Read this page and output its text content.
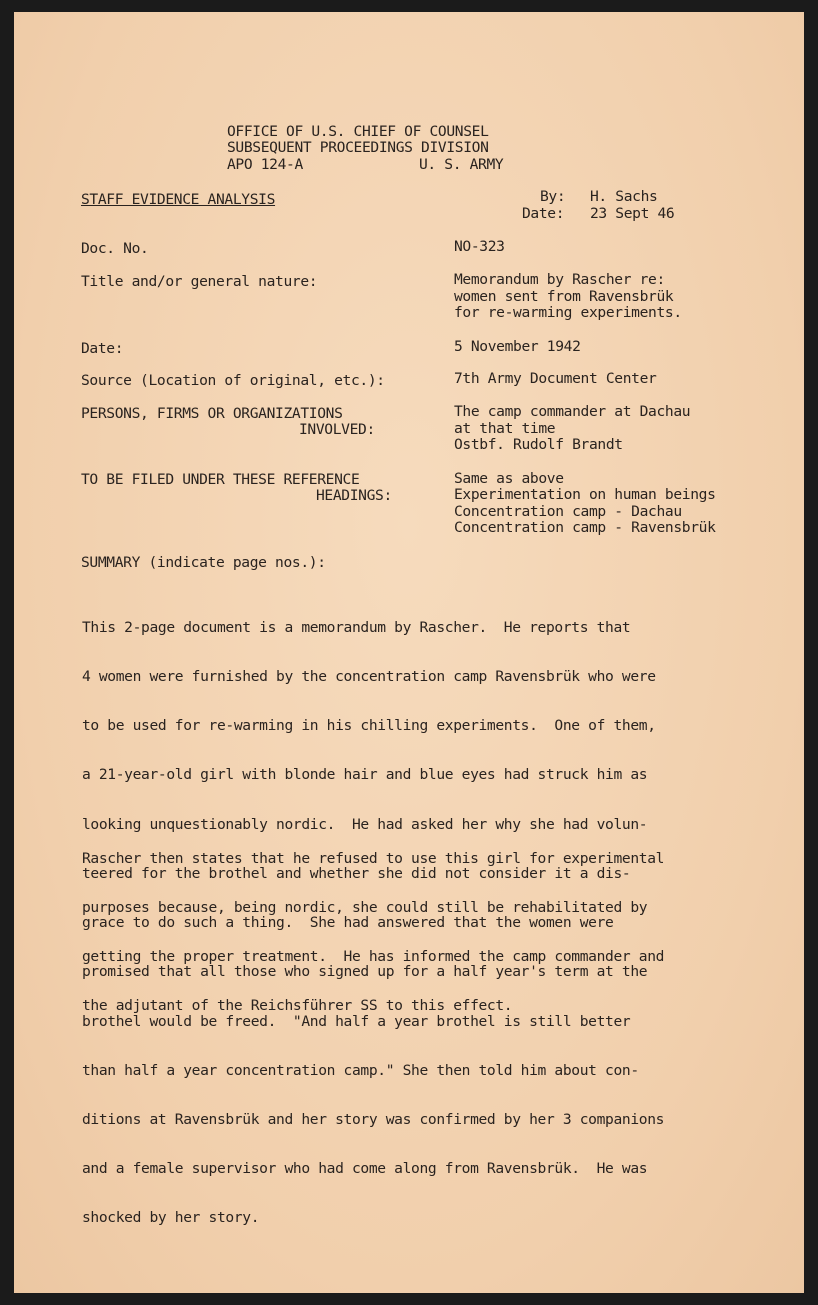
OFFICE OF U.S. CHIEF OF COUNSEL
SUBSEQUENT PROCEEDINGS DIVISION
APO 124-A	U. S. ARMY
STAFF EVIDENCE ANALYSIS	By: H. Sachs
Date: 23 Sept 46
Doc. No.	NO-323
Title and/or general nature:	Memorandum by Rascher re:
women sent from Ravensbrük
for re-warming experiments.
Date:	5 November 1942
Source (Location of original, etc.):	7th Army Document Center
PERSONS, FIRMS OR ORGANIZATIONS
INVOLVED:
The camp commander at Dachau
at that time
Ostbf. Rudolf Brandt
TO BE FILED UNDER THESE REFERENCE
HEADINGS:
Same as above
Experimentation on human beings
Concentration camp - Dachau
Concentration camp - Ravensbrük
SUMMARY (indicate page nos.):

This 2-page document is a memorandum by Rascher.  He reports that

4 women were furnished by the concentration camp Ravensbrük who were

to be used for re-warming in his chilling experiments.  One of them,

a 21-year-old girl with blonde hair and blue eyes had struck him as

looking unquestionably nordic.  He had asked her why she had volun-

teered for the brothel and whether she did not consider it a dis-

grace to do such a thing.  She had answered that the women were

promised that all those who signed up for a half year's term at the

brothel would be freed.  "And half a year brothel is still better

than half a year concentration camp." She then told him about con-

ditions at Ravensbrük and her story was confirmed by her 3 companions

and a female supervisor who had come along from Ravensbrük.  He was

shocked by her story.

Rascher then states that he refused to use this girl for experimental

purposes because, being nordic, she could still be rehabilitated by

getting the proper treatment.  He has informed the camp commander and

the adjutant of the Reichsführer SS to this effect.
